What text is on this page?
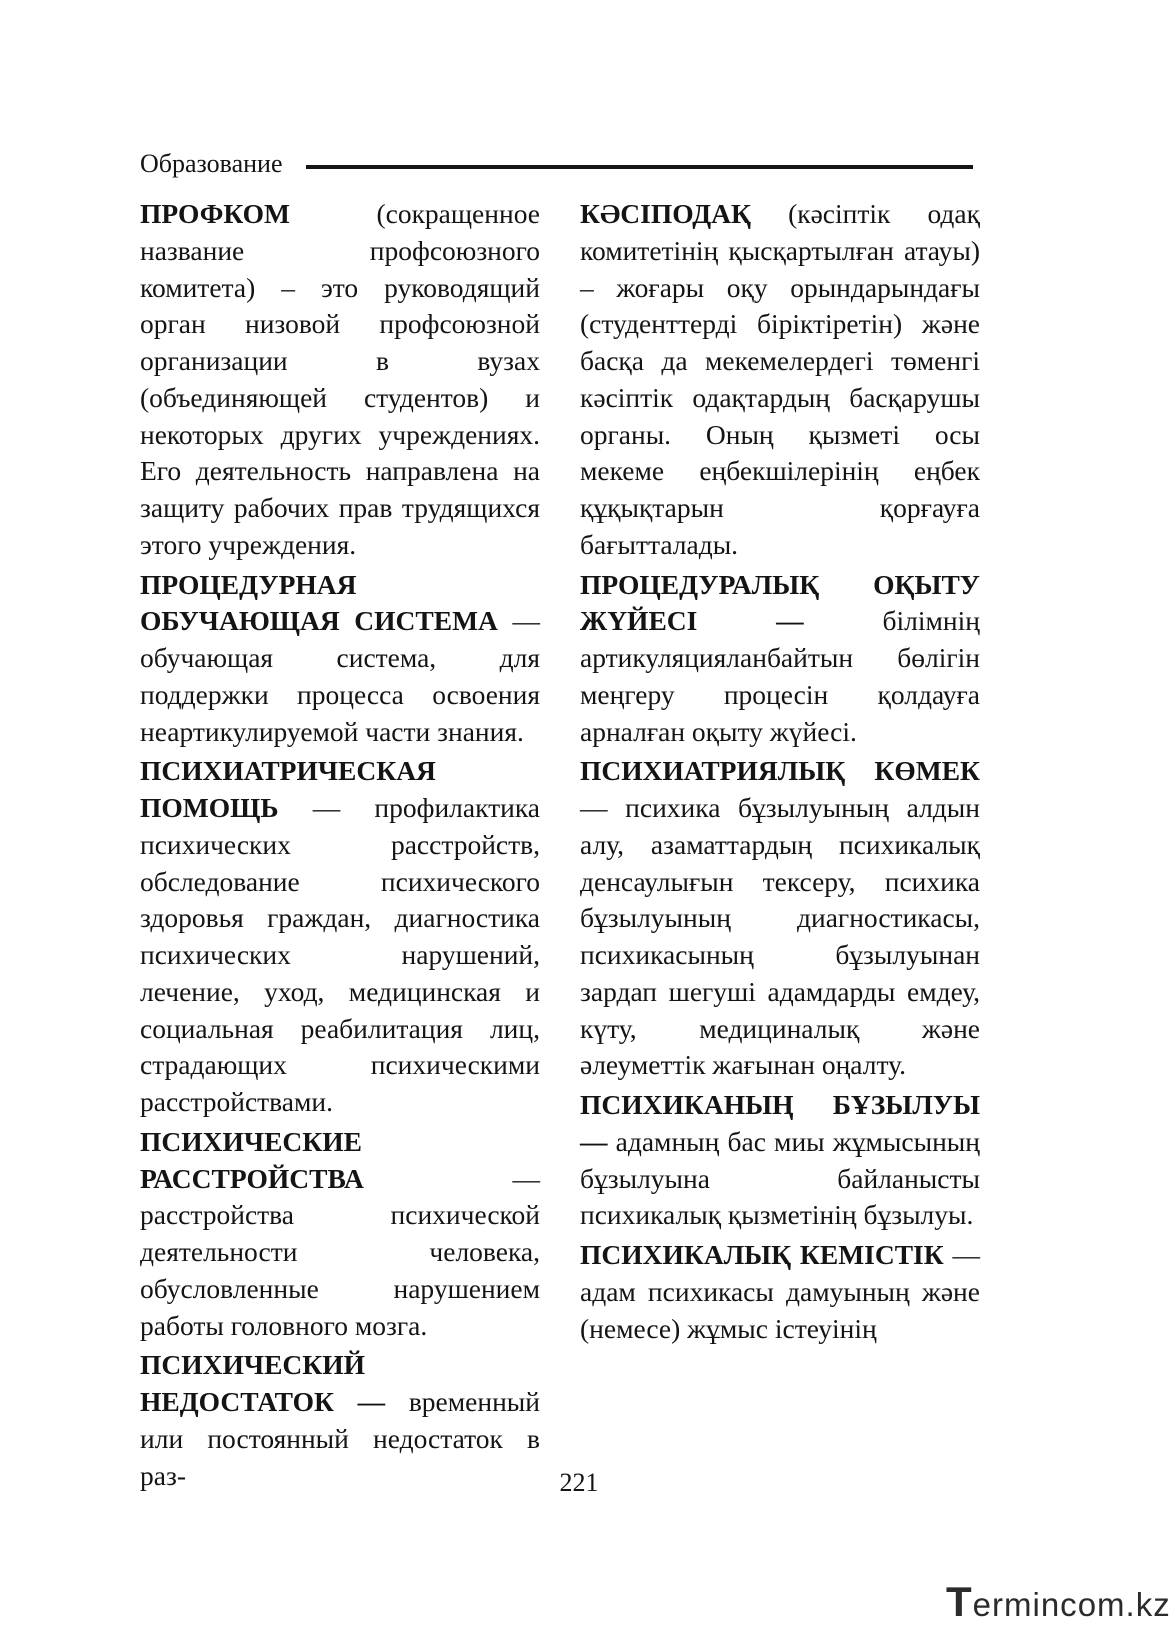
Образование

ПРОФКОМ (сокращенное название профсоюзного комитета) – это руководящий орган низовой профсоюзной организации в вузах (объединяющей студентов) и некоторых других учреждениях. Его деятельность направлена на защиту рабочих прав трудящихся этого учреждения.

ПРОЦЕДУРНАЯ ОБУЧАЮЩАЯ СИСТЕМА — обучающая система, для поддержки процесса освоения неартикулируемой части знания.

ПСИХИАТРИЧЕСКАЯ ПОМОЩЬ — профилактика психических расстройств, обследование психического здоровья граждан, диагностика психических нарушений, лечение, уход, медицинская и социальная реабилитация лиц, страдающих психическими расстройствами.

ПСИХИЧЕСКИЕ РАССТРОЙСТВА — расстройства психической деятельности человека, обусловленные нарушением работы головного мозга.

ПСИХИЧЕСКИЙ НЕДОСТАТОК — временный или постоянный недостаток в раз-

КӘСІПОДАҚ (кәсіптік одақ комитетінің қысқартылған атауы) – жоғары оқу орындарындағы (студенттерді біріктіретін) және басқа да мекемелердегі төменгі кәсіптік одақтардың басқарушы органы. Оның қызметі осы мекеме еңбекшілерінің еңбек құқықтарын қорғауға бағытталады.

ПРОЦЕДУРАЛЫҚ ОҚЫТУ ЖҮЙЕСІ — білімнің артикуляцияланбайтын бөлігін меңгеру процесін қолдауға арналған оқыту жүйесі.

ПСИХИАТРИЯЛЫҚ КӨМЕК — психика бұзылуының алдын алу, азаматтардың психикалық денсаулығын тексеру, психика бұзылуының диагностикасы, психикасының бұзылуынан зардап шегуші адамдарды емдеу, күту, медициналық және әлеуметтік жағынан оңалту.

ПСИХИКАНЫҢ БҰЗЫЛУЫ — адамның бас миы жұмысының бұзылуына байланысты психикалық қызметінің бұзылуы.

ПСИХИКАЛЫҚ КЕМІСТІК — адам психикасы дамуының және (немесе) жұмыс істеуінің

221
Termincom.kz
